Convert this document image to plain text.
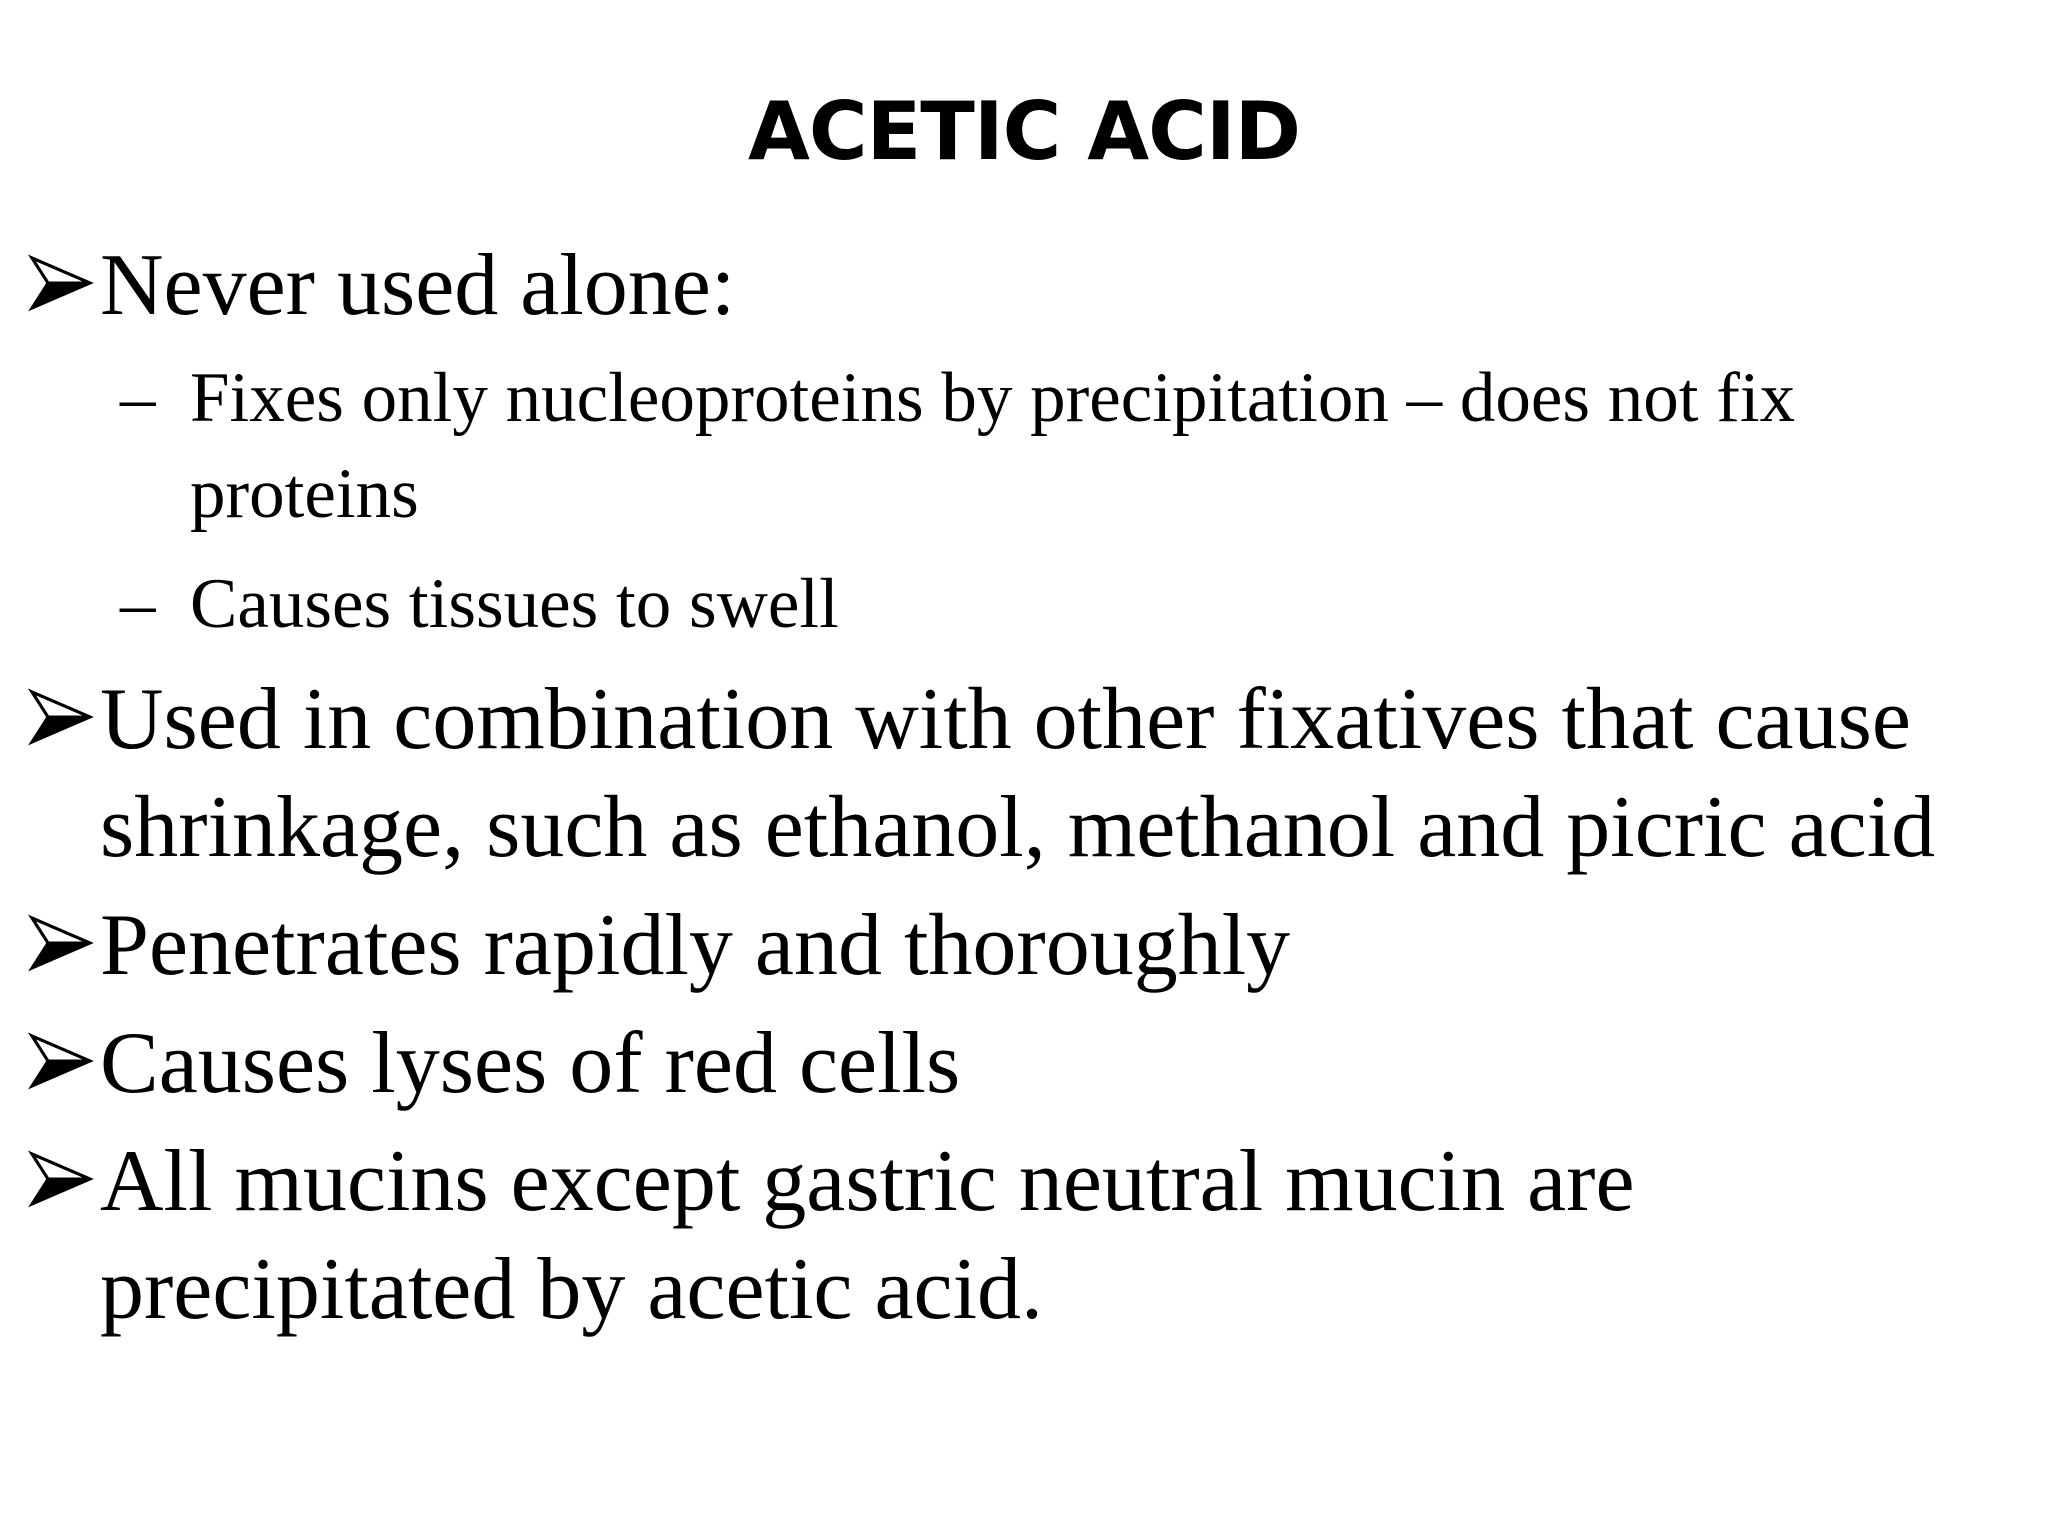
ACETIC ACID
Never used alone:
– Fixes only nucleoproteins by precipitation – does not fix proteins
– Causes tissues to swell
Used in combination with other fixatives that cause shrinkage, such as ethanol, methanol and picric acid
Penetrates rapidly and thoroughly
Causes lyses of red cells
All mucins except gastric neutral mucin are precipitated by acetic acid.
